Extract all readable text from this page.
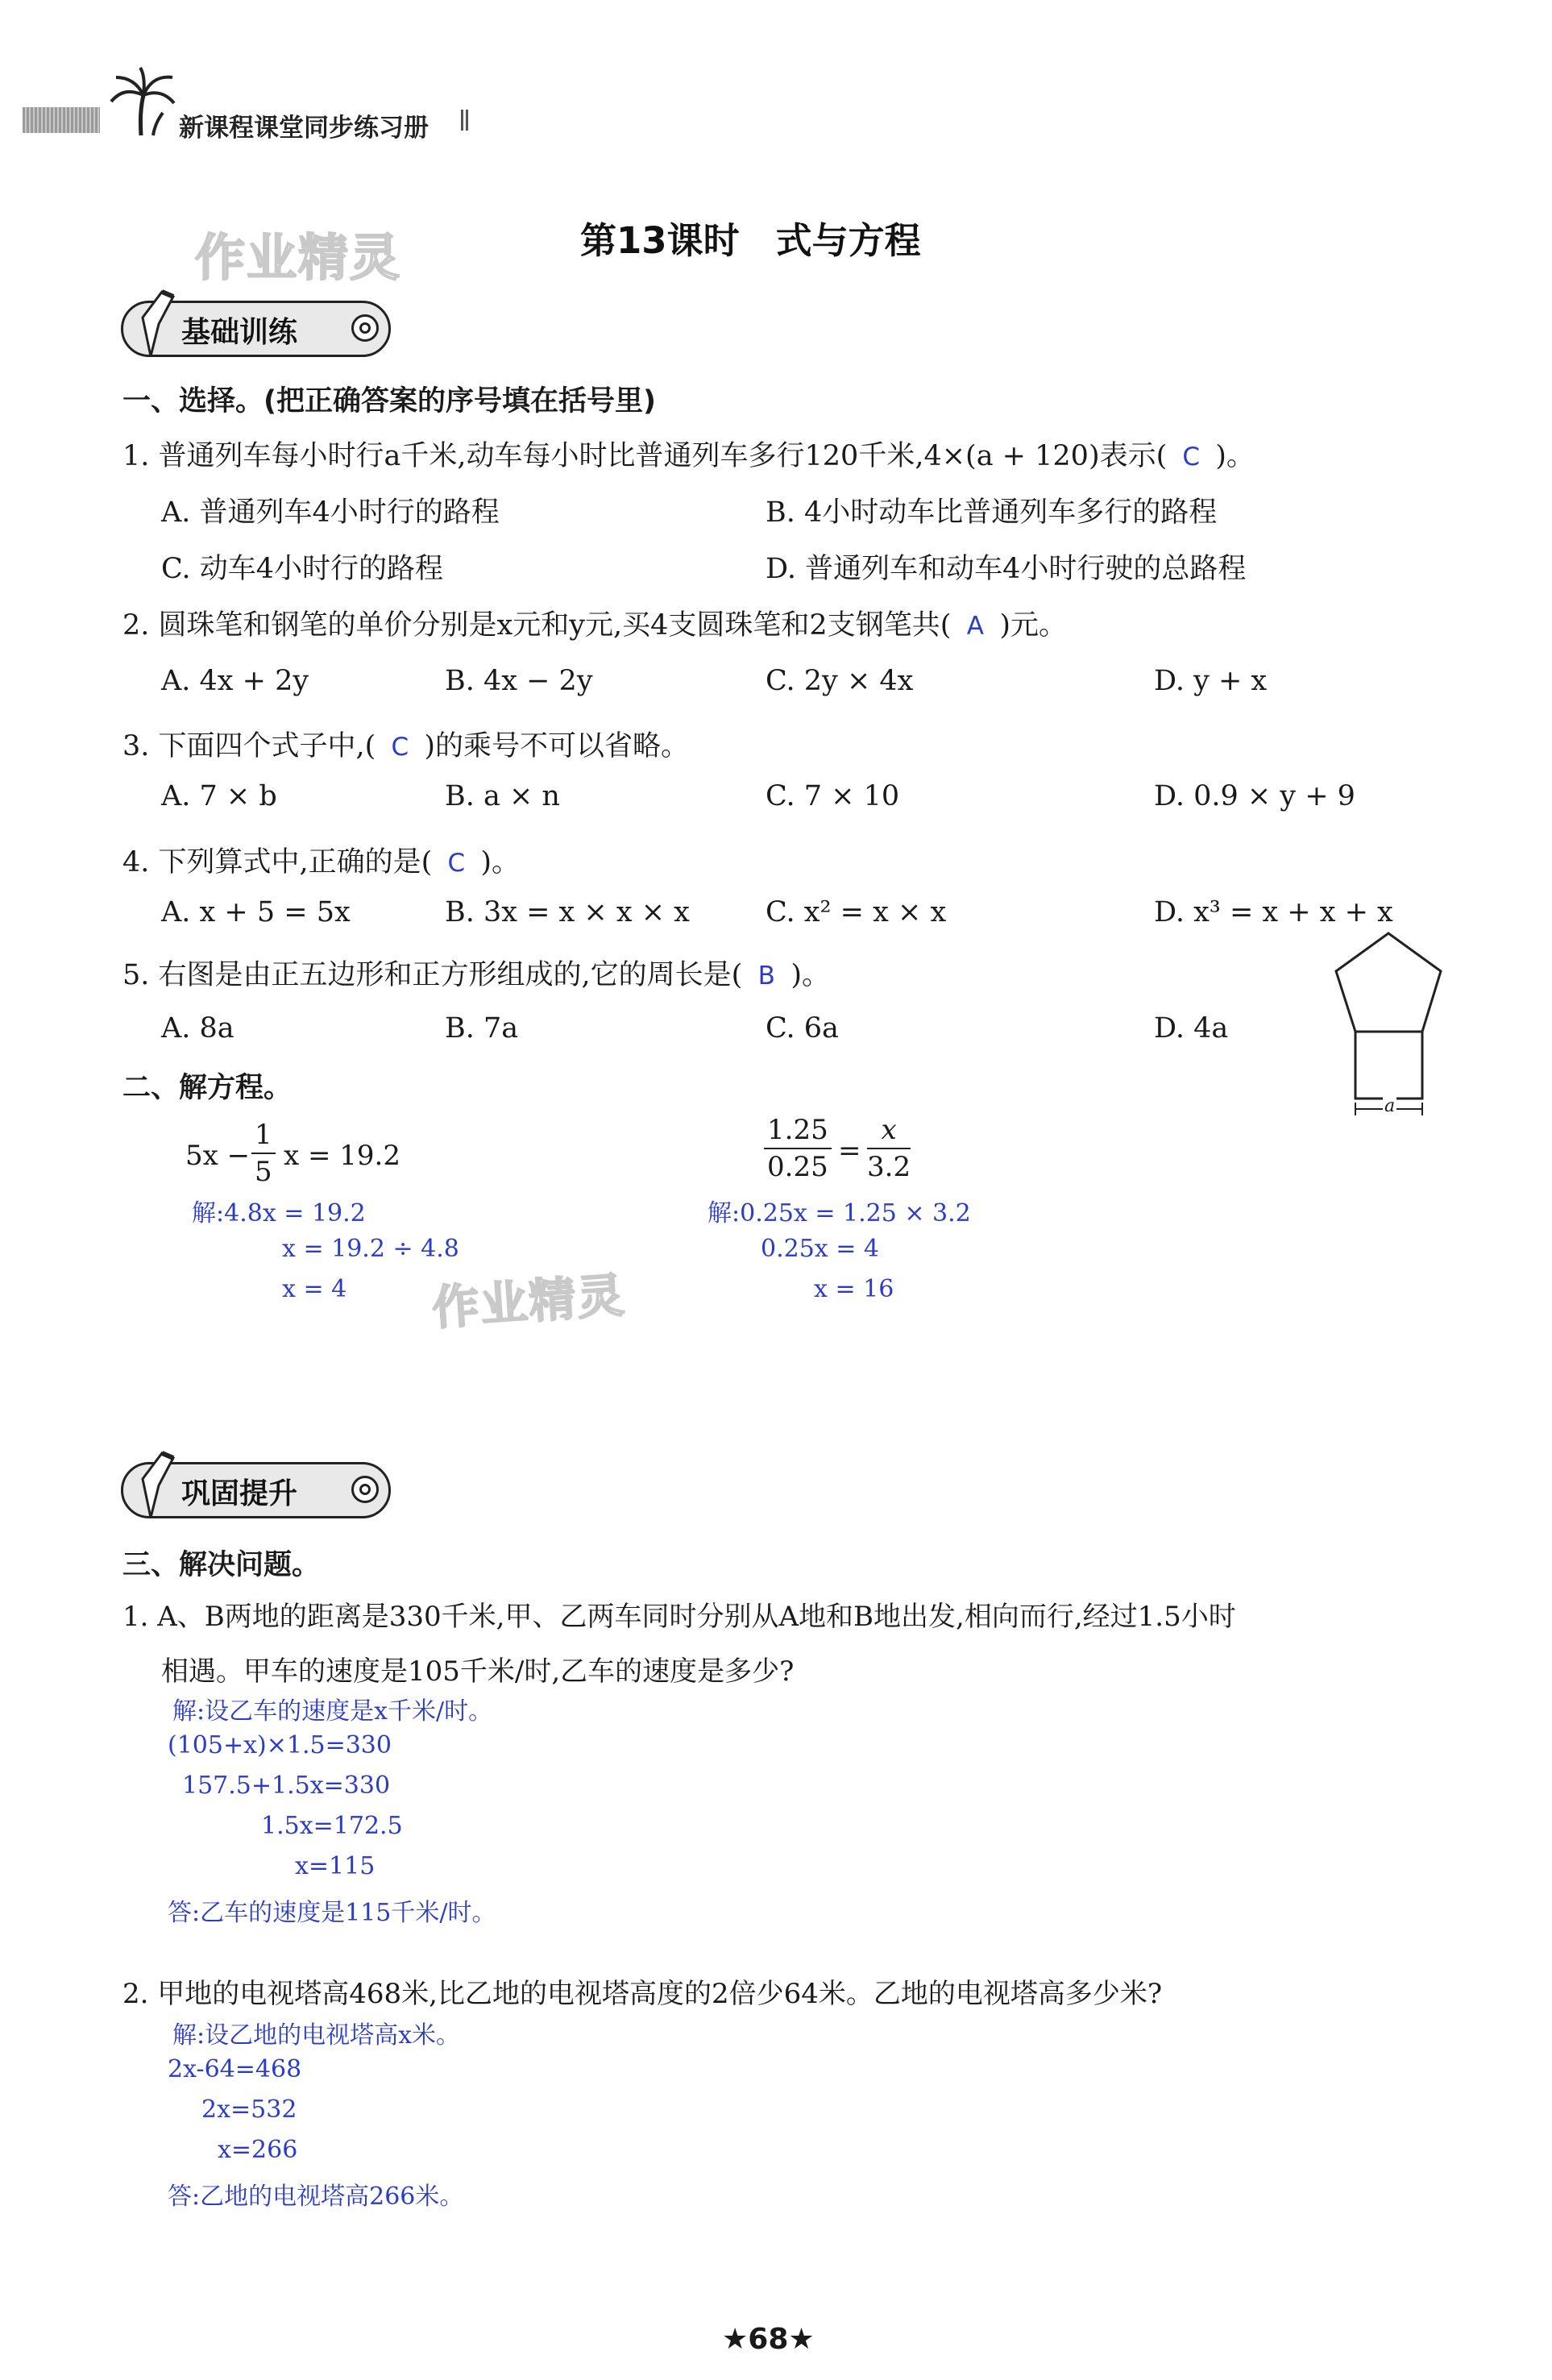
新课程课堂同步练习册
作业精灵	第13课时　式与方程
基础训练
一、选择。(把正确答案的序号填在括号里)
1. 普通列车每小时行a千米,动车每小时比普通列车多行120千米,4×(a + 120)表示( C )。
A. 普通列车4小时行的路程	B. 4小时动车比普通列车多行的路程
C. 动车4小时行的路程	D. 普通列车和动车4小时行驶的总路程
2. 圆珠笔和钢笔的单价分别是x元和y元,买4支圆珠笔和2支钢笔共( A )元。
A. 4x + 2y	B. 4x − 2y	C. 2y × 4x	D. y + x
3. 下面四个式子中,( C )的乘号不可以省略。
A. 7 × b	B. a × n	C. 7 × 10	D. 0.9 × y + 9
4. 下列算式中,正确的是( C )。
A. x + 5 = 5x	B. 3x = x × x × x	C. x² = x × x	D. x³ = x + x + x
5. 右图是由正五边形和正方形组成的,它的周长是( B )。
A. 8a	B. 7a	C. 6a	D. 4a
a
二、解方程。
$5x - \frac{1}{5}$ x = 19.2
解:4.8x = 19.2
x = 19.2 ÷ 4.8
x = 4
$\frac{1.25}{0.25} = \frac{x}{3.2}$
解:0.25x = 1.25 × 3.2
0.25x = 4
x = 16
作业精灵
巩固提升
三、解决问题。
1. A、B两地的距离是330千米,甲、乙两车同时分别从A地和B地出发,相向而行,经过1.5小时
相遇。甲车的速度是105千米/时,乙车的速度是多少?
解:设乙车的速度是x千米/时。
(105+x)×1.5=330
157.5+1.5x=330
1.5x=172.5
x=115
答:乙车的速度是115千米/时。
2. 甲地的电视塔高468米,比乙地的电视塔高度的2倍少64米。乙地的电视塔高多少米?
解:设乙地的电视塔高x米。
2x-64=468
2x=532
x=266
答:乙地的电视塔高266米。
★68★
